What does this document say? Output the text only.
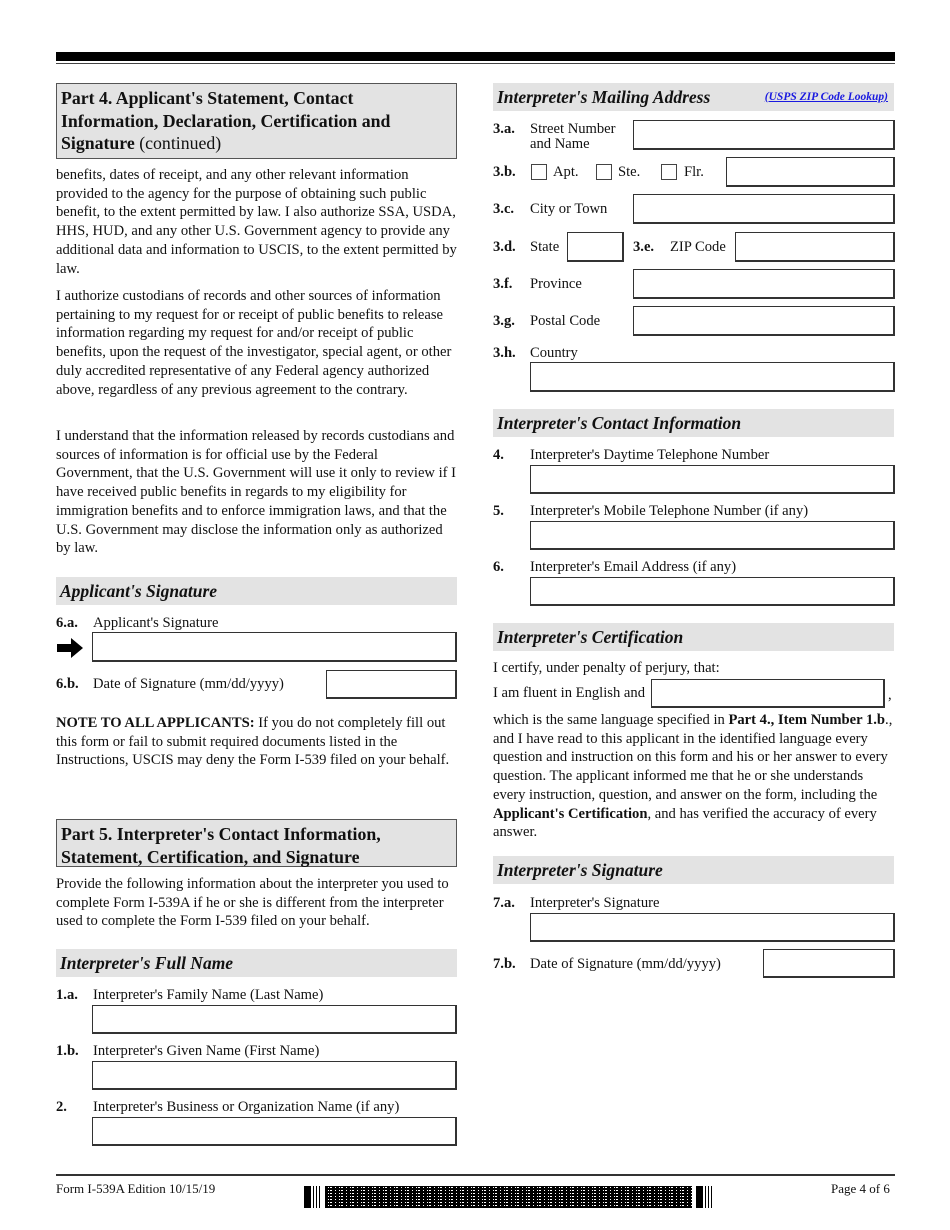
Part 4. Applicant's Statement, Contact Information, Declaration, Certification and Signature (continued)
benefits, dates of receipt, and any other relevant information provided to the agency for the purpose of obtaining such public benefit, to the extent permitted by law. I also authorize SSA, USDA, HHS, HUD, and any other U.S. Government agency to provide any additional data and information to USCIS, to the extent permitted by law.
I authorize custodians of records and other sources of information pertaining to my request for or receipt of public benefits to release information regarding my request for and/or receipt of public benefits, upon the request of the investigator, special agent, or other duly accredited representative of any Federal agency authorized above, regardless of any previous agreement to the contrary.
I understand that the information released by records custodians and sources of information is for official use by the Federal Government, that the U.S. Government will use it only to review if I have received public benefits in regards to my eligibility for immigration benefits and to enforce immigration laws, and that the U.S. Government may disclose the information only as authorized by law.
Applicant's Signature
6.a. Applicant's Signature
6.b. Date of Signature (mm/dd/yyyy)
NOTE TO ALL APPLICANTS: If you do not completely fill out this form or fail to submit required documents listed in the Instructions, USCIS may deny the Form I-539 filed on your behalf.
Part 5. Interpreter's Contact Information, Statement, Certification, and Signature
Provide the following information about the interpreter you used to complete Form I-539A if he or she is different from the interpreter used to complete the Form I-539 filed on your behalf.
Interpreter's Full Name
1.a. Interpreter's Family Name (Last Name)
1.b. Interpreter's Given Name (First Name)
2. Interpreter's Business or Organization Name (if any)
Interpreter's Mailing Address	(USPS ZIP Code Lookup)
3.a. Street Number
and Name
3.b.	Apt.	Ste.	Flr.
3.c. City or Town
3.d. State	3.e. ZIP Code
3.f. Province
3.g. Postal Code
3.h. Country
Interpreter's Contact Information
4. Interpreter's Daytime Telephone Number
5. Interpreter's Mobile Telephone Number (if any)
6. Interpreter's Email Address (if any)
Interpreter's Certification
I certify, under penalty of perjury, that:
I am fluent in English and	,
which is the same language specified in Part 4., Item Number 1.b., and I have read to this applicant in the identified language every question and instruction on this form and his or her answer to every question. The applicant informed me that he or she understands every instruction, question, and answer on the form, including the Applicant's Certification, and has verified the accuracy of every answer.
Interpreter's Signature
7.a. Interpreter's Signature
7.b. Date of Signature (mm/dd/yyyy)
Form I-539A Edition 10/15/19	Page 4 of 6
